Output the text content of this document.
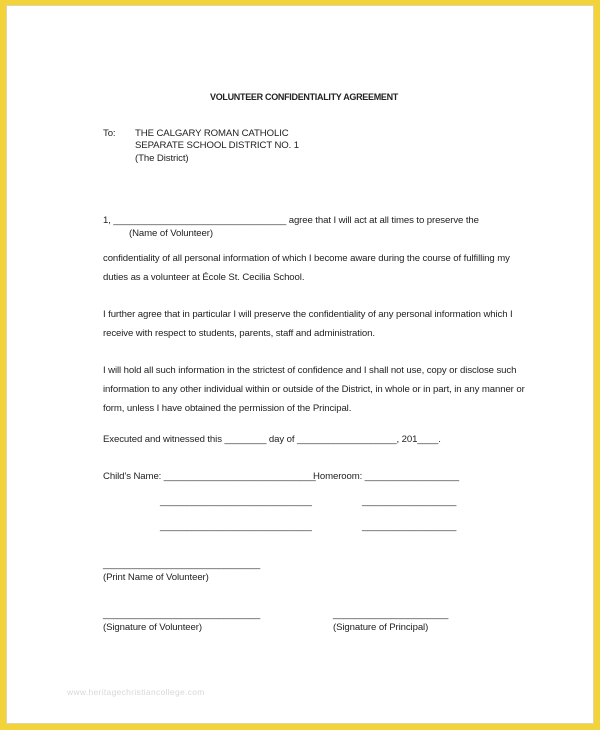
VOLUNTEER CONFIDENTIALITY AGREEMENT
To: THE CALGARY ROMAN CATHOLIC
SEPARATE SCHOOL DISTRICT NO. 1
(The District)
1, _________________________________ agree that I will act at all times to preserve the
(Name of Volunteer)
confidentiality of all personal information of which I become aware during the course of fulfilling my
duties as a volunteer at École St. Cecilia School.
I further agree that in particular I will preserve the confidentiality of any personal information which I
receive with respect to students, parents, staff and administration.
I will hold all such information in the strictest of confidence and I shall not use, copy or disclose such
information to any other individual within or outside of the District, in whole or in part, in any manner or
form, unless I have obtained the permission of the Principal.
Executed and witnessed this ________ day of ___________________, 201____.
Child’s Name: _____________________________
Homeroom: __________________
_____________________________	__________________
_____________________________	__________________
______________________________
(Print Name of Volunteer)
______________________________
(Signature of Volunteer)
______________________
(Signature of Principal)
www.heritagechristiancollege.com
